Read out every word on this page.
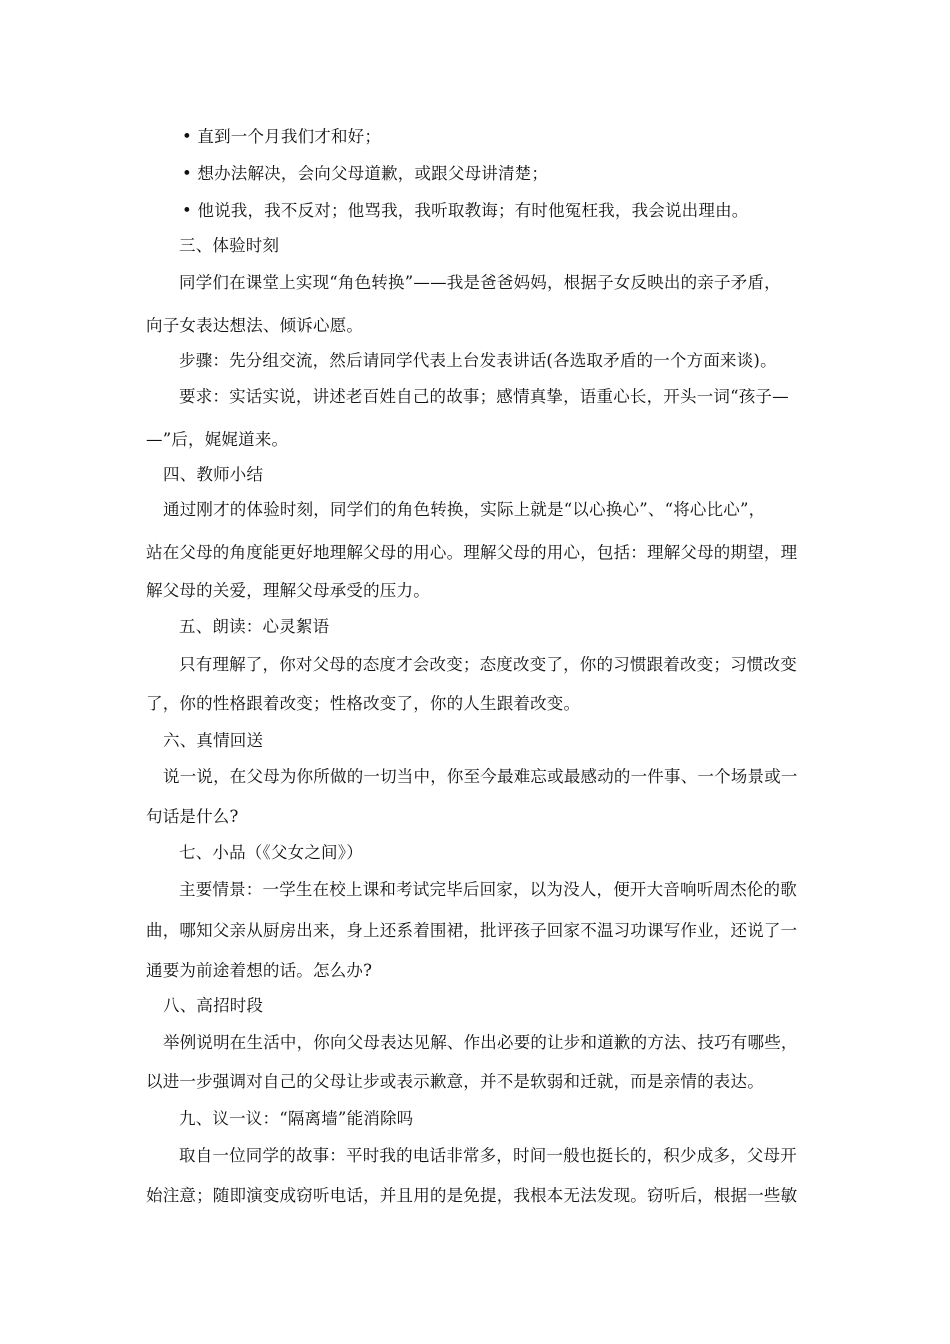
• 直到一个月我们才和好；
• 想办法解决，会向父母道歉，或跟父母讲清楚；
• 他说我，我不反对；他骂我，我听取教诲；有时他冤枉我，我会说出理由。
三、体验时刻
同学们在课堂上实现“角色转换”——我是爸爸妈妈，根据子女反映出的亲子矛盾，
向子女表达想法、倾诉心愿。
步骤：先分组交流，然后请同学代表上台发表讲话(各选取矛盾的一个方面来谈)。
要求：实话实说，讲述老百姓自己的故事；感情真挚，语重心长，开头一词“孩子—
—”后，娓娓道来。
四、教师小结
通过刚才的体验时刻，同学们的角色转换，实际上就是“以心换心”、“将心比心”，
站在父母的角度能更好地理解父母的用心。理解父母的用心，包括：理解父母的期望，理
解父母的关爱，理解父母承受的压力。
五、朗读：心灵絮语
只有理解了，你对父母的态度才会改变；态度改变了，你的习惯跟着改变；习惯改变
了，你的性格跟着改变；性格改变了，你的人生跟着改变。
六、真情回送
说一说，在父母为你所做的一切当中，你至今最难忘或最感动的一件事、一个场景或一
句话是什么?
七、小品（《父女之间》）
主要情景：一学生在校上课和考试完毕后回家，以为没人，便开大音响听周杰伦的歌
曲，哪知父亲从厨房出来，身上还系着围裙，批评孩子回家不温习功课写作业，还说了一
通要为前途着想的话。怎么办?
八、高招时段
举例说明在生活中，你向父母表达见解、作出必要的让步和道歉的方法、技巧有哪些，
以进一步强调对自己的父母让步或表示歉意，并不是软弱和迁就，而是亲情的表达。
九、议一议：“隔离墙”能消除吗
取自一位同学的故事：平时我的电话非常多，时间一般也挺长的，积少成多，父母开
始注意；随即演变成窃听电话，并且用的是免提，我根本无法发现。窃听后，根据一些敏
